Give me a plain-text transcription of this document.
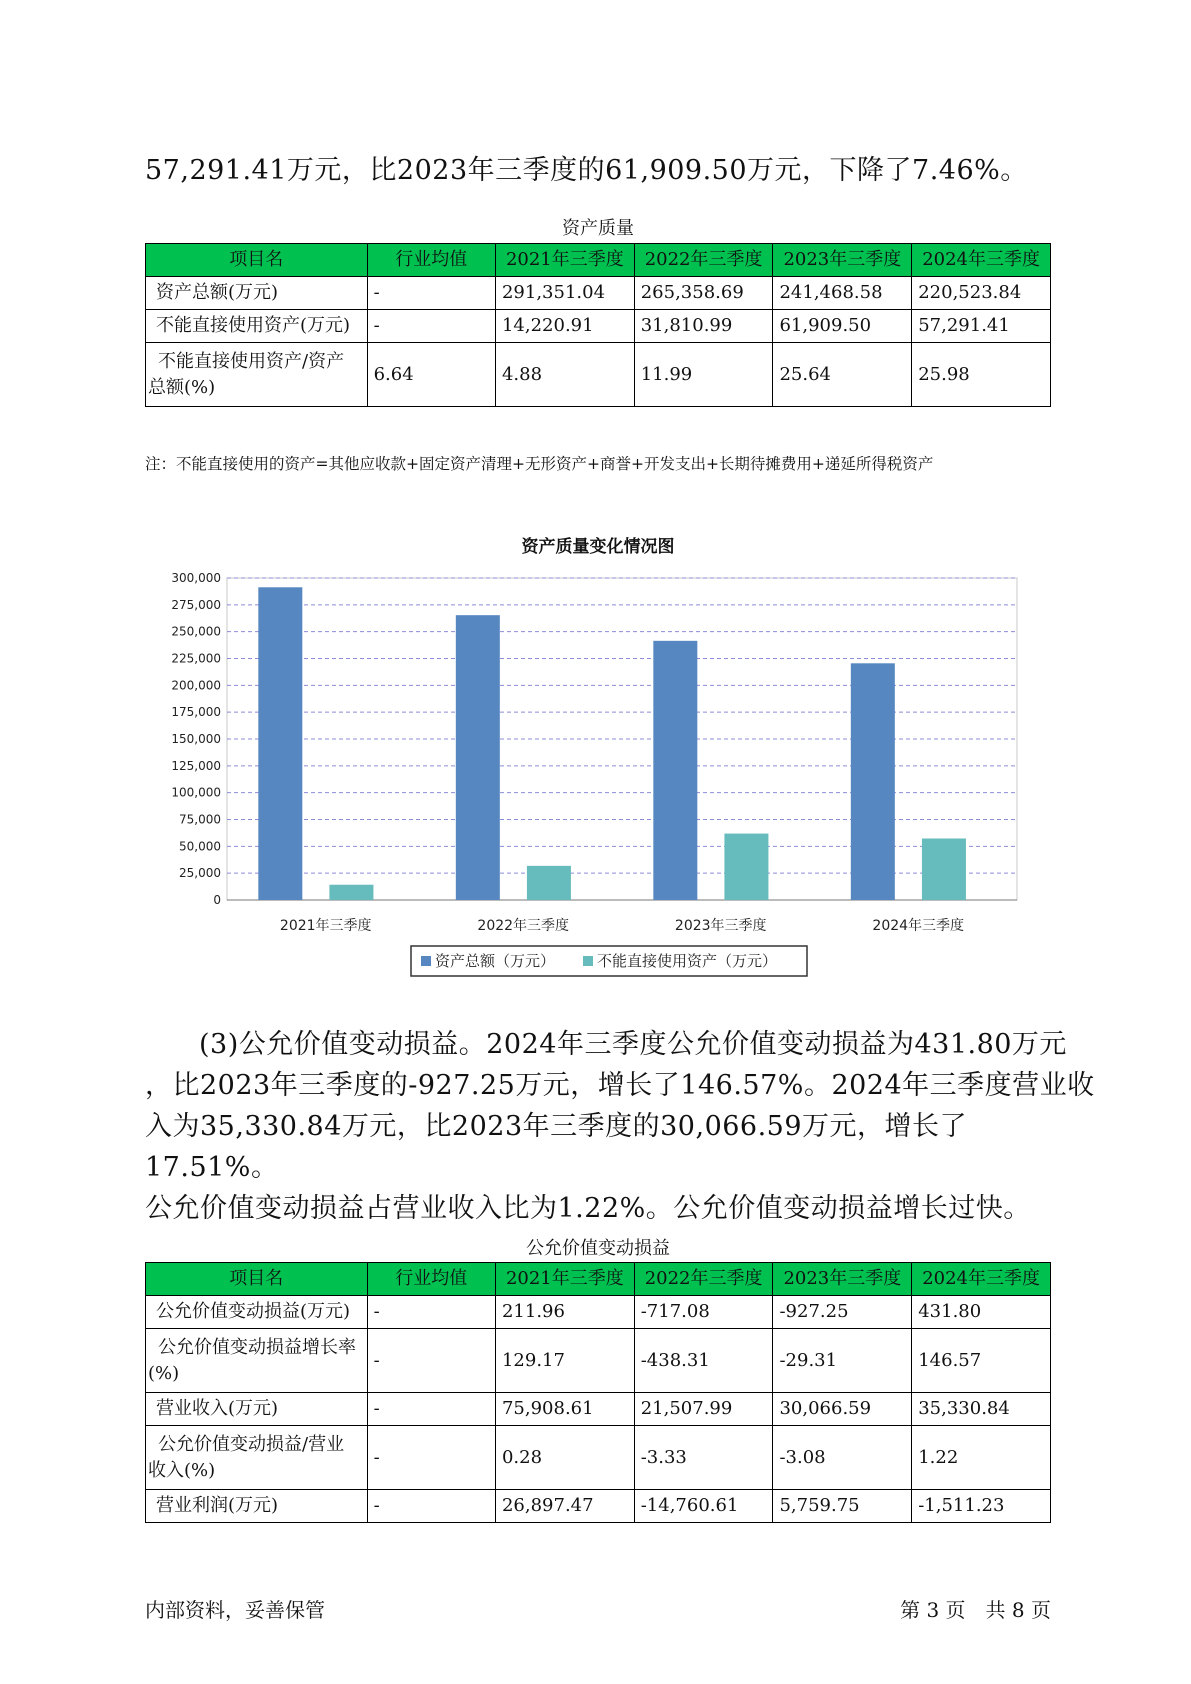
57,291.41万元，比2023年三季度的61,909.50万元，下降了7.46%。
资产质量
项目名	行业均值	2021年三季度	2022年三季度	2023年三季度	2024年三季度
资产总额(万元)	-	291,351.04	265,358.69	241,468.58	220,523.84
不能直接使用资产(万元)	-	14,220.91	31,810.99	61,909.50	57,291.41
不能直接使用资产/资产总额(%)	6.64	4.88	11.99	25.64	25.98
注：不能直接使用的资产=其他应收款+固定资产清理+无形资产+商誉+开发支出+长期待摊费用+递延所得税资产
资产质量变化情况图
0
25,000
50,000
75,000
100,000
125,000
150,000
175,000
200,000
225,000
250,000
275,000
300,000
2021年三季度	2022年三季度	2023年三季度	2024年三季度
资产总额（万元）	不能直接使用资产（万元）
(3)公允价值变动损益。2024年三季度公允价值变动损益为431.80万元
，比2023年三季度的-927.25万元，增长了146.57%。2024年三季度营业收
入为35,330.84万元，比2023年三季度的30,066.59万元，增长了17.51%。
公允价值变动损益占营业收入比为1.22%。公允价值变动损益增长过快。
公允价值变动损益
项目名	行业均值	2021年三季度	2022年三季度	2023年三季度	2024年三季度
公允价值变动损益(万元)	-	211.96	-717.08	-927.25	431.80
公允价值变动损益增长率(%)	-	129.17	-438.31	-29.31	146.57
营业收入(万元)	-	75,908.61	21,507.99	30,066.59	35,330.84
公允价值变动损益/营业收入(%)	-	0.28	-3.33	-3.08	1.22
营业利润(万元)	-	26,897.47	-14,760.61	5,759.75	-1,511.23
内部资料，妥善保管	第 3 页　共 8 页
